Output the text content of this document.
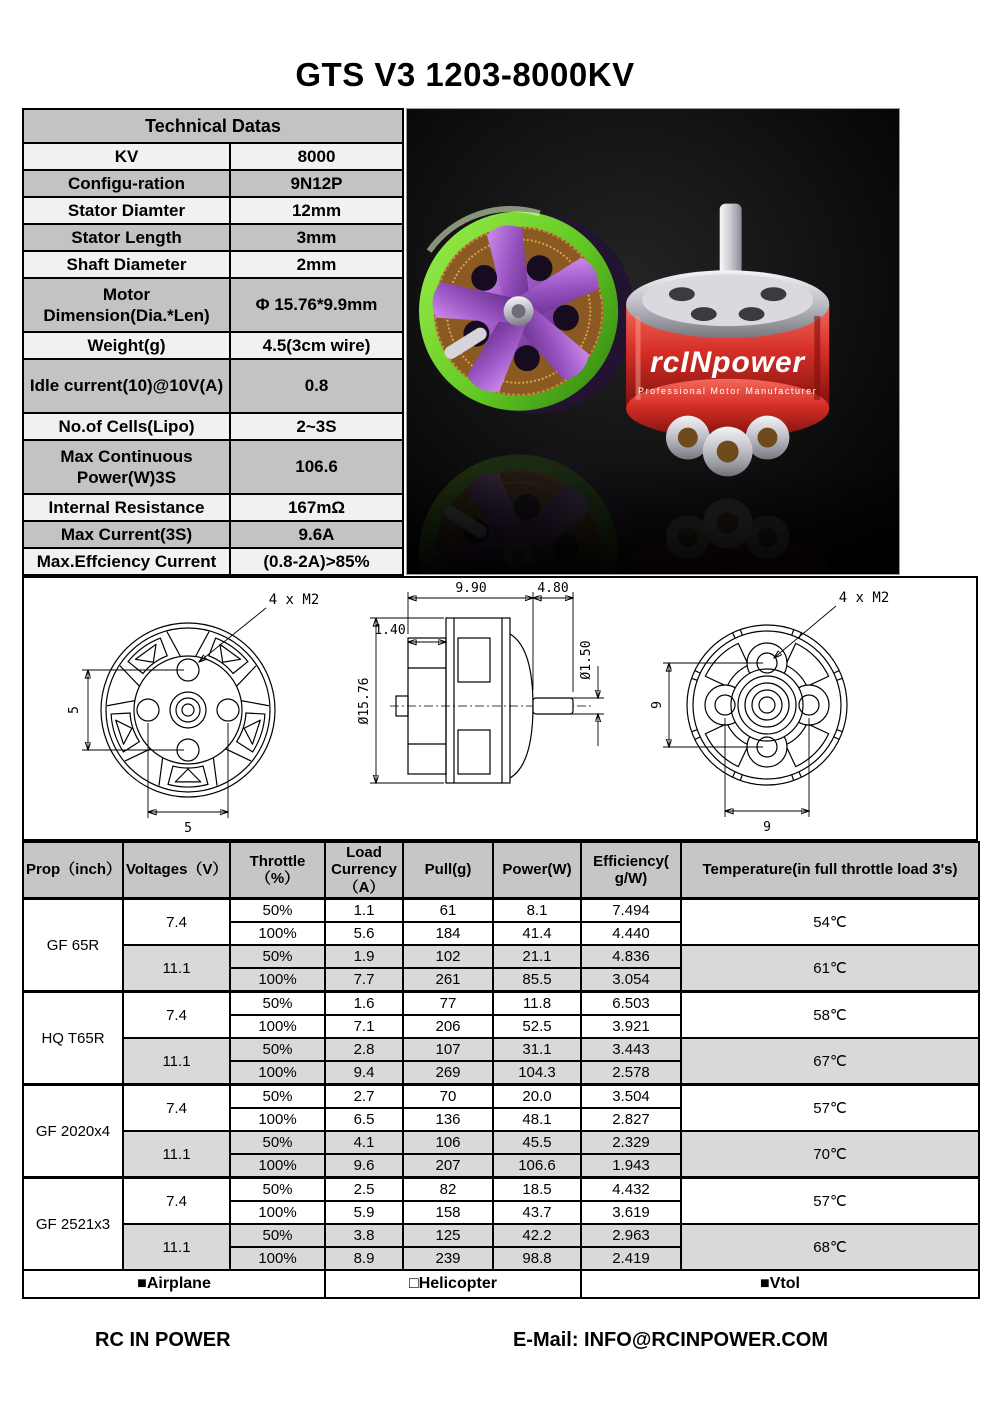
GTS V3 1203-8000KV
Technical Datas	
KV	8000
Configu-ration	9N12P
Stator Diamter	12mm
Stator Length	3mm
Shaft Diameter	2mm
Motor Dimension(Dia.*Len)	Φ 15.76*9.9mm
Weight(g)	4.5(3cm wire)
Idle current(10)@10V(A)	0.8
No.of Cells(Lipo)	2~3S
Max Continuous Power(W)3S	106.6
Internal Resistance	167mΩ
Max Current(3S)	9.6A
Max.Effciency Current	(0.8-2A)>85%
rcINpower
Professional Motor Manufacturer
5
5
4 x M2
9.90	4.80
1.40
Ø15.76
Ø1.50
9
9
4 x M2
Prop（inch）	Voltages（V）	Throttle（%）	Load Currency（A）	Pull(g)	Power(W)	Efficiency( g/W)	Temperature(in full throttle load 3's)
GF 65R	7.4	50%	1.1	61	8.1	7.494	54℃
		100%	5.6	184	41.4	4.440	
	11.1	50%	1.9	102	21.1	4.836	61℃
		100%	7.7	261	85.5	3.054	
HQ T65R	7.4	50%	1.6	77	11.8	6.503	58℃
		100%	7.1	206	52.5	3.921	
	11.1	50%	2.8	107	31.1	3.443	67℃
		100%	9.4	269	104.3	2.578	
GF 2020x4	7.4	50%	2.7	70	20.0	3.504	57℃
		100%	6.5	136	48.1	2.827	
	11.1	50%	4.1	106	45.5	2.329	70℃
		100%	9.6	207	106.6	1.943	
GF 2521x3	7.4	50%	2.5	82	18.5	4.432	57℃
		100%	5.9	158	43.7	3.619	
	11.1	50%	3.8	125	42.2	2.963	68℃
		100%	8.9	239	98.8	2.419	
■Airplane			□Helicopter			■Vtol	
RC IN POWER	E-Mail: INFO@RCINPOWER.COM
